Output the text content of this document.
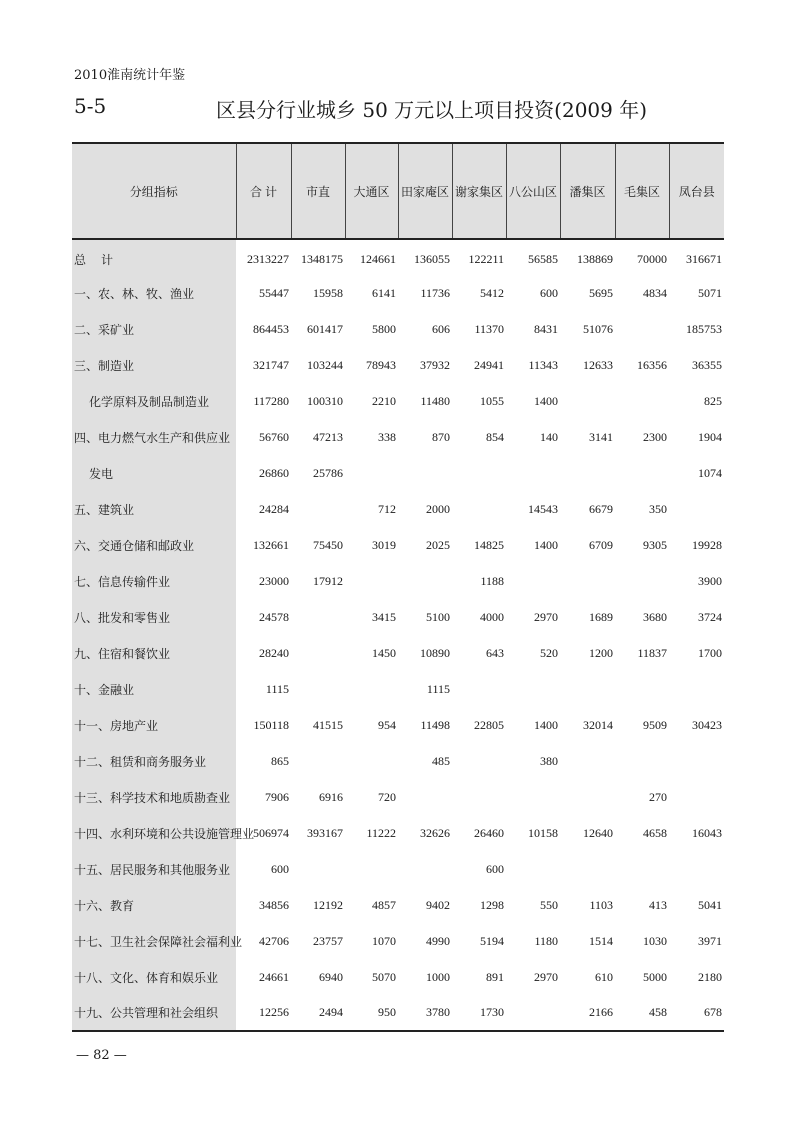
2010淮南统计年鉴
5-5	区县分行业城乡 50 万元以上项目投资(2009 年)
分组指标	合 计	市直	大通区	田家庵区	谢家集区	八公山区	潘集区	毛集区	凤台县
总　 计	2313227	1348175	124661	136055	122211	56585	138869	70000	316671
一、农、林、牧、渔业	55447	15958	6141	11736	5412	600	5695	4834	5071
二、采矿业	864453	601417	5800	606	11370	8431	51076		185753
三、制造业	321747	103244	78943	37932	24941	11343	12633	16356	36355
化学原料及制品制造业	117280	100310	2210	11480	1055	1400			825
四、电力燃气水生产和供应业	56760	47213	338	870	854	140	3141	2300	1904
发电	26860	25786							1074
五、建筑业	24284		712	2000		14543	6679	350	
六、交通仓储和邮政业	132661	75450	3019	2025	14825	1400	6709	9305	19928
七、信息传输件业	23000	17912			1188				3900
八、批发和零售业	24578		3415	5100	4000	2970	1689	3680	3724
九、住宿和餐饮业	28240		1450	10890	643	520	1200	11837	1700
十、金融业	1115			1115					
十一、房地产业	150118	41515	954	11498	22805	1400	32014	9509	30423
十二、租赁和商务服务业	865			485		380			
十三、科学技术和地质勘查业	7906	6916	720					270	
十四、水利环境和公共设施管理业	506974	393167	11222	32626	26460	10158	12640	4658	16043
十五、居民服务和其他服务业	600				600				
十六、教育	34856	12192	4857	9402	1298	550	1103	413	5041
十七、卫生社会保障社会福利业	42706	23757	1070	4990	5194	1180	1514	1030	3971
十八、文化、体育和娱乐业	24661	6940	5070	1000	891	2970	610	5000	2180
十九、公共管理和社会组织	12256	2494	950	3780	1730		2166	458	678
— 82 —
